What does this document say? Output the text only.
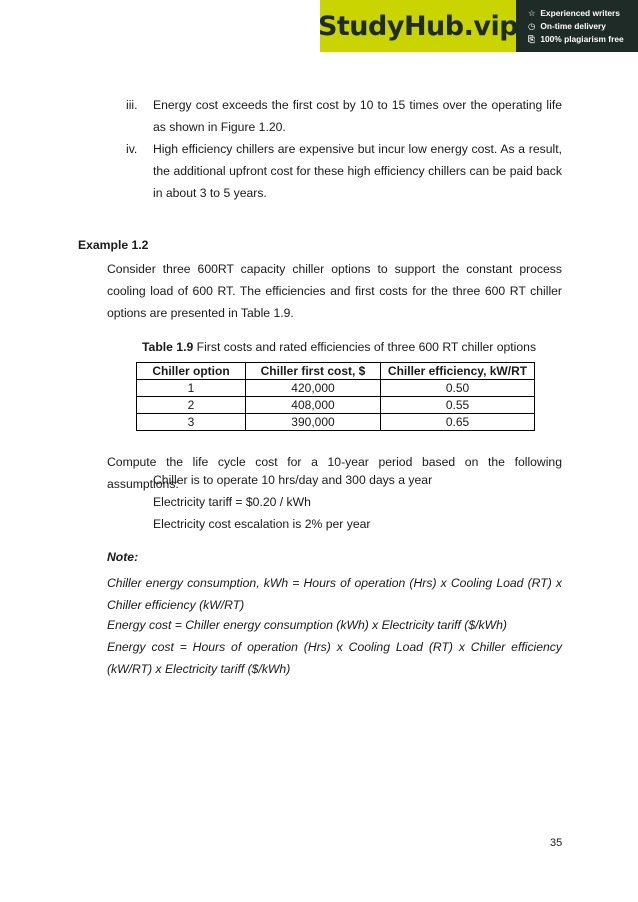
StudyHub.vip ☆ Experienced writers
◷ On-time delivery
⎘ 100% plagiarism free
iii.	Energy cost exceeds the first cost by 10 to 15 times over the operating life as shown in Figure 1.20.
iv.	High efficiency chillers are expensive but incur low energy cost. As a result, the additional upfront cost for these high efficiency chillers can be paid back in about 3 to 5 years.
Example 1.2
Consider three 600RT capacity chiller options to support the constant process cooling load of 600 RT. The efficiencies and first costs for the three 600 RT chiller options are presented in Table 1.9.
Table 1.9 First costs and rated efficiencies of three 600 RT chiller options
Chiller option	Chiller first cost, $	Chiller efficiency, kW/RT
1	420,000	0.50
2	408,000	0.55
3	390,000	0.65
Compute the life cycle cost for a 10-year period based on the following assumptions:
Chiller is to operate 10 hrs/day and 300 days a year
Electricity tariff = $0.20 / kWh
Electricity cost escalation is 2% per year
Note:
Chiller energy consumption, kWh = Hours of operation (Hrs) x Cooling Load (RT) x Chiller efficiency (kW/RT)
Energy cost = Chiller energy consumption (kWh) x Electricity tariff ($/kWh)
Energy cost = Hours of operation (Hrs) x Cooling Load (RT) x Chiller efficiency (kW/RT) x Electricity tariff ($/kWh)
35
